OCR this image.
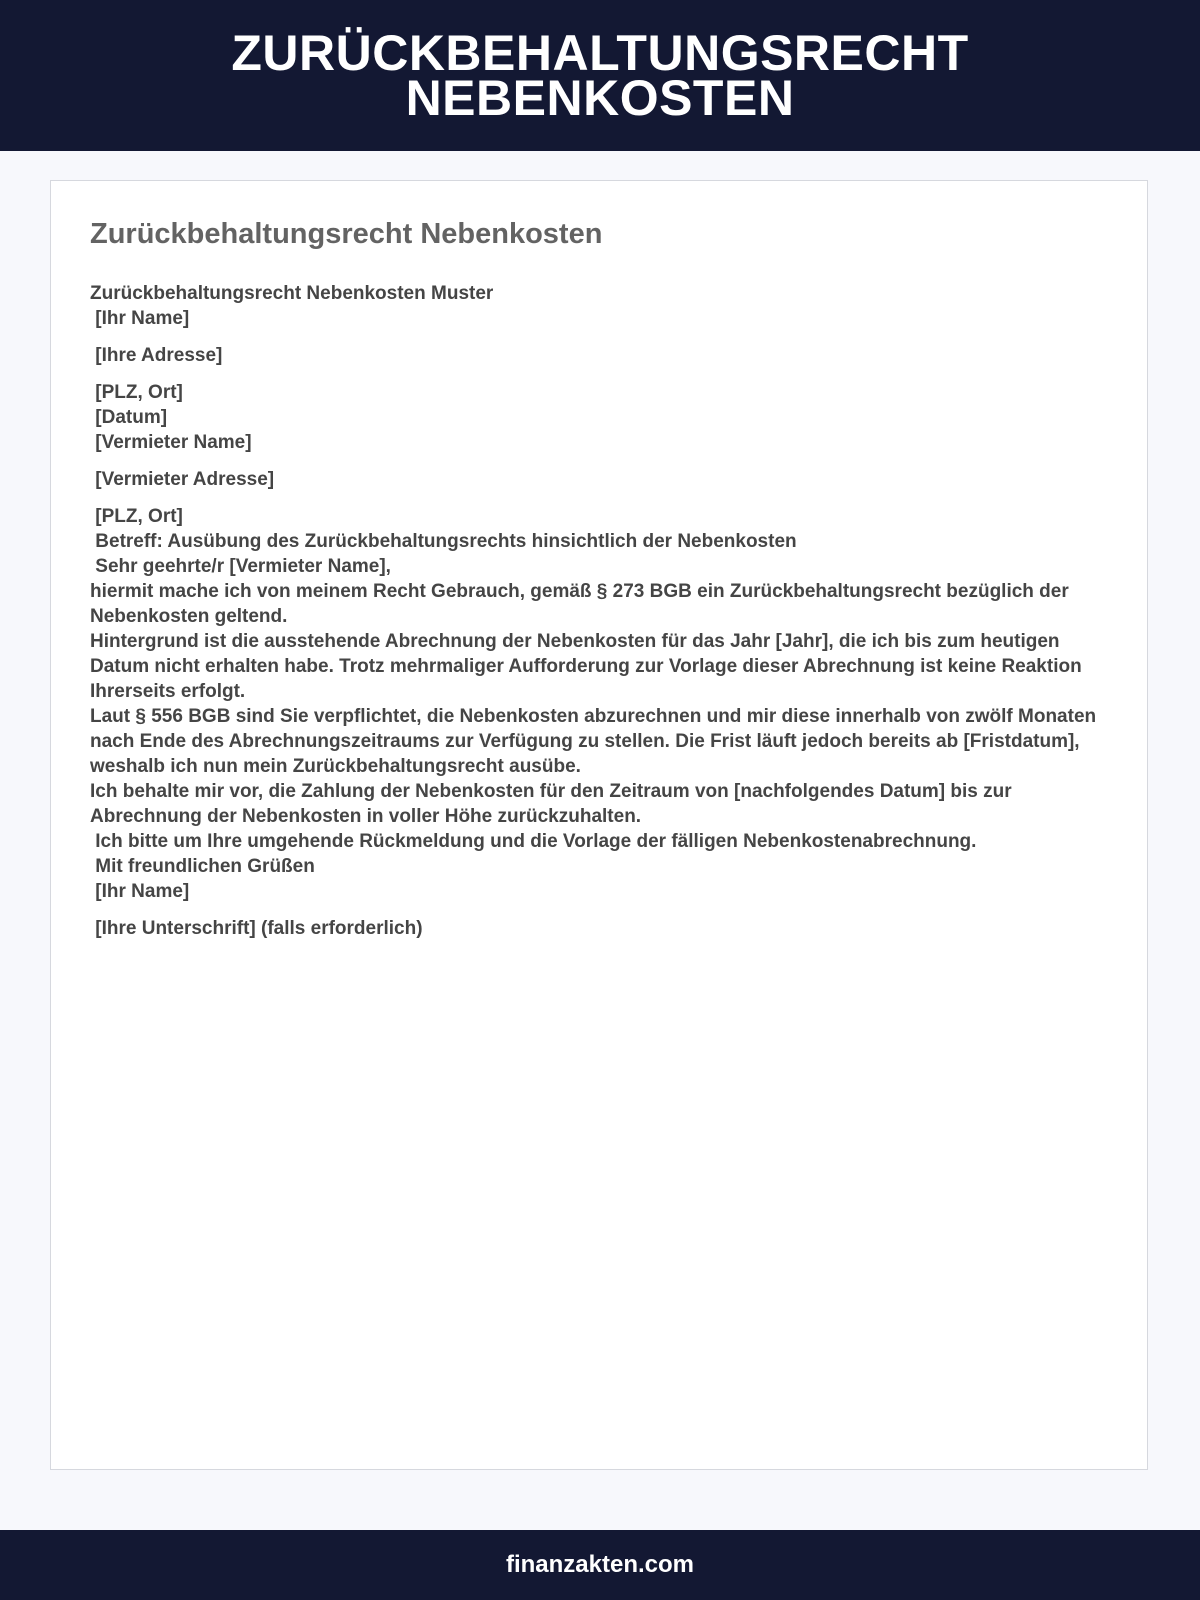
ZURÜCKBEHALTUNGSRECHT
NEBENKOSTEN
Zurückbehaltungsrecht Nebenkosten
Zurückbehaltungsrecht Nebenkosten Muster
[Ihr Name]
[Ihre Adresse]
[PLZ, Ort]
[Datum]
[Vermieter Name]
[Vermieter Adresse]
[PLZ, Ort]
Betreff: Ausübung des Zurückbehaltungsrechts hinsichtlich der Nebenkosten
Sehr geehrte/r [Vermieter Name],
hiermit mache ich von meinem Recht Gebrauch, gemäß § 273 BGB ein Zurückbehaltungsrecht bezüglich der Nebenkosten geltend.
Hintergrund ist die ausstehende Abrechnung der Nebenkosten für das Jahr [Jahr], die ich bis zum heutigen Datum nicht erhalten habe. Trotz mehrmaliger Aufforderung zur Vorlage dieser Abrechnung ist keine Reaktion Ihrerseits erfolgt.
Laut § 556 BGB sind Sie verpflichtet, die Nebenkosten abzurechnen und mir diese innerhalb von zwölf Monaten nach Ende des Abrechnungszeitraums zur Verfügung zu stellen. Die Frist läuft jedoch bereits ab [Fristdatum], weshalb ich nun mein Zurückbehaltungsrecht ausübe.
Ich behalte mir vor, die Zahlung der Nebenkosten für den Zeitraum von [nachfolgendes Datum] bis zur Abrechnung der Nebenkosten in voller Höhe zurückzuhalten.
Ich bitte um Ihre umgehende Rückmeldung und die Vorlage der fälligen Nebenkostenabrechnung.
Mit freundlichen Grüßen
[Ihr Name]
[Ihre Unterschrift] (falls erforderlich)
finanzakten.com
